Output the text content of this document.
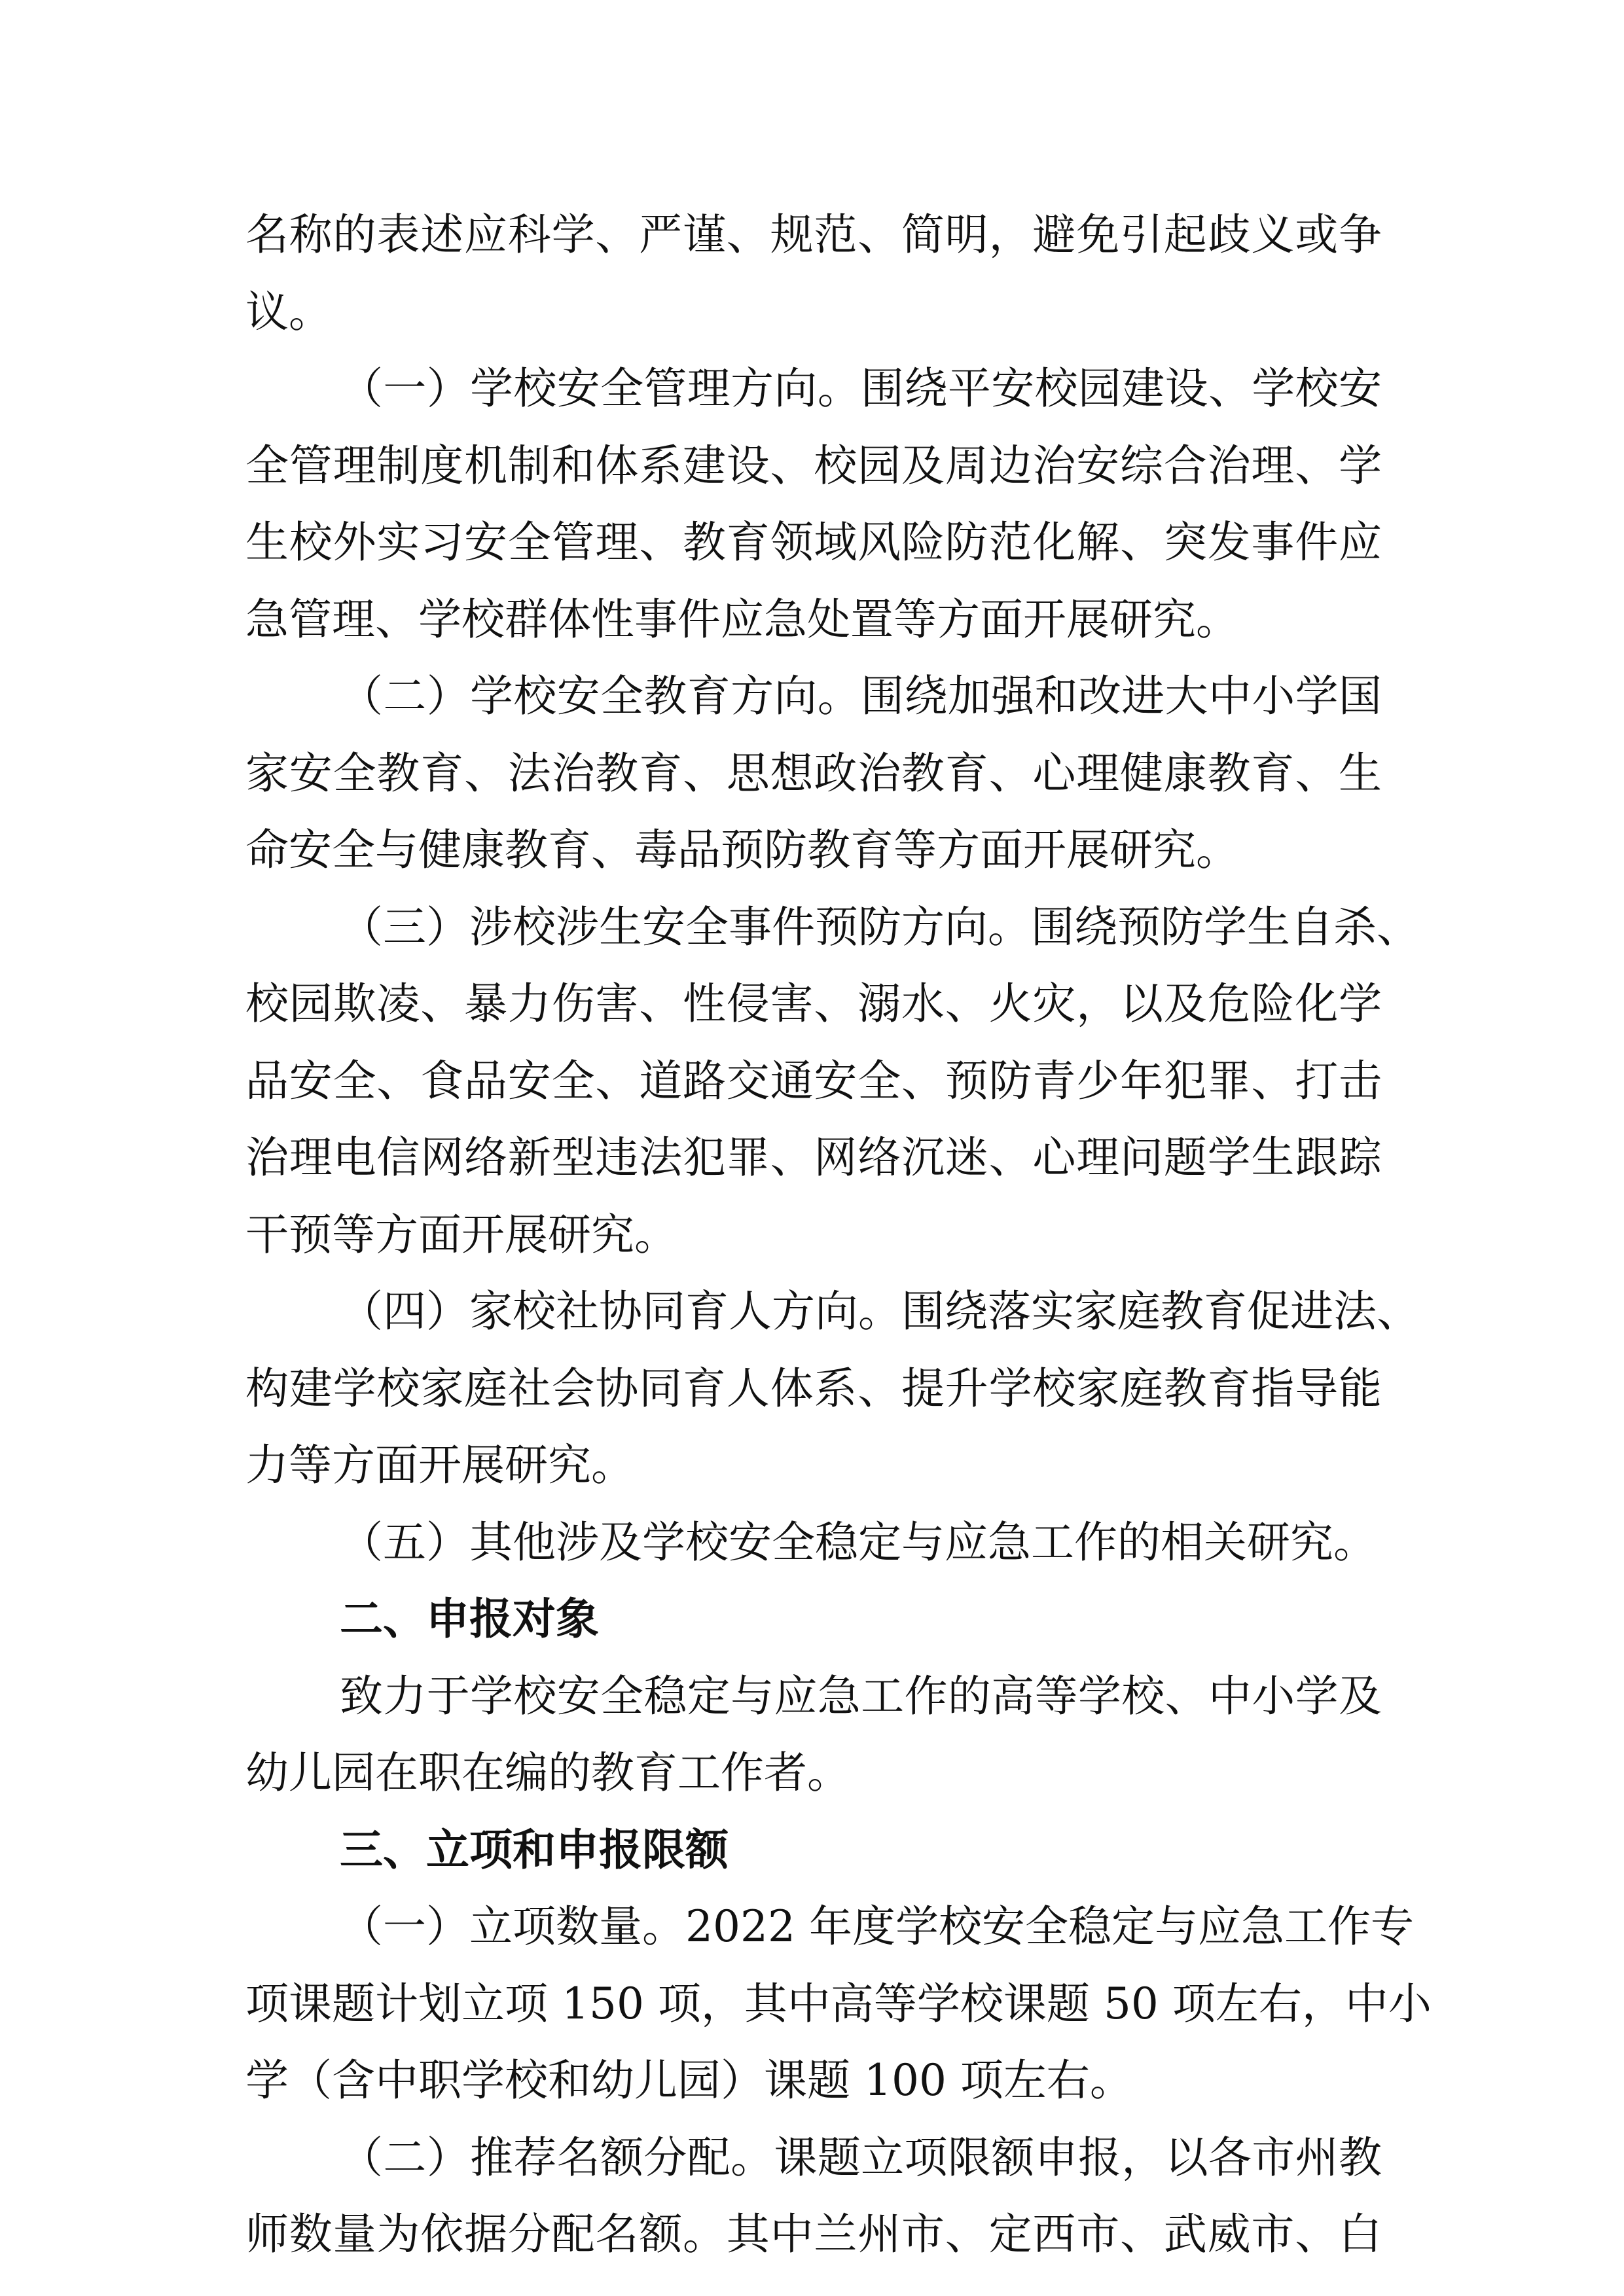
名称的表述应科学、严谨、规范、简明，避免引起歧义或争
议。
（一）学校安全管理方向。围绕平安校园建设、学校安
全管理制度机制和体系建设、校园及周边治安综合治理、学
生校外实习安全管理、教育领域风险防范化解、突发事件应
急管理、学校群体性事件应急处置等方面开展研究。
（二）学校安全教育方向。围绕加强和改进大中小学国
家安全教育、法治教育、思想政治教育、心理健康教育、生
命安全与健康教育、毒品预防教育等方面开展研究。
（三）涉校涉生安全事件预防方向。围绕预防学生自杀、
校园欺凌、暴力伤害、性侵害、溺水、火灾，以及危险化学
品安全、食品安全、道路交通安全、预防青少年犯罪、打击
治理电信网络新型违法犯罪、网络沉迷、心理问题学生跟踪
干预等方面开展研究。
（四）家校社协同育人方向。围绕落实家庭教育促进法、
构建学校家庭社会协同育人体系、提升学校家庭教育指导能
力等方面开展研究。
（五）其他涉及学校安全稳定与应急工作的相关研究。
二、申报对象
致力于学校安全稳定与应急工作的高等学校、中小学及
幼儿园在职在编的教育工作者。
三、立项和申报限额
（一）立项数量。2022 年度学校安全稳定与应急工作专
项课题计划立项 150 项，其中高等学校课题 50 项左右，中小
学（含中职学校和幼儿园）课题 100 项左右。
（二）推荐名额分配。课题立项限额申报，以各市州教
师数量为依据分配名额。其中兰州市、定西市、武威市、白
